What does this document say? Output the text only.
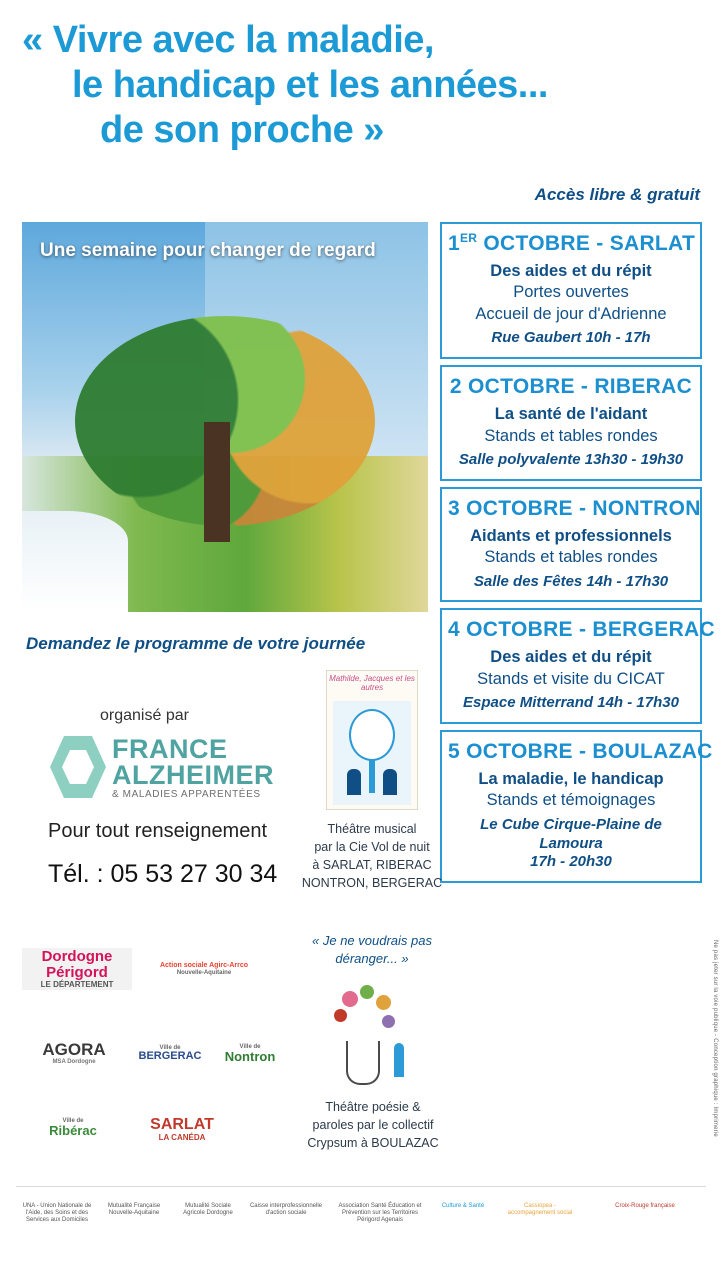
« Vivre avec la maladie,
le handicap et les années...
de son proche »
Accès libre & gratuit
Une semaine pour changer de regard
Demandez le programme de votre journée
1ER OCTOBRE - SARLAT
Des aides et du répit
Portes ouvertes
Accueil de jour d'Adrienne
Rue Gaubert 10h - 17h
2 OCTOBRE - RIBERAC
La santé de l'aidant
Stands et tables rondes
Salle polyvalente 13h30 - 19h30
3 OCTOBRE - NONTRON
Aidants et professionnels
Stands et tables rondes
Salle des Fêtes 14h - 17h30
4 OCTOBRE - BERGERAC
Des aides et du répit
Stands et visite du CICAT
Espace Mitterrand 14h - 17h30
5 OCTOBRE - BOULAZAC
La maladie, le handicap
Stands et témoignages
Le Cube Cirque-Plaine de Lamoura
17h - 20h30
Ne pas jeter sur la voie publique - Conception graphique : Imprimerie
organisé par
FRANCE
ALZHEIMER
& MALADIES APPARENTÉES
Pour tout renseignement
Tél. : 05 53 27 30 34
Mathilde, Jacques et les autres
Théâtre musical
par la Cie Vol de nuit
à SARLAT, RIBERAC
NONTRON, BERGERAC
« Je ne voudrais pas
déranger... »
Théâtre poésie &
paroles par le collectif
Crypsum à BOULAZAC
Dordogne Périgord
LE DÉPARTEMENT
Action sociale Agirc-Arrco
Nouvelle-Aquitaine
AGORA
MSA Dordogne
Ville de
BERGERAC
Ville de
Nontron
Ville de
Ribérac	SARLAT
LA CANÉDA
UNA - Union Nationale de l'Aide, des Soins et des Services aux Domiciles
Mutualité Française Nouvelle-Aquitaine
Mutualité Sociale Agricole Dordogne
Caisse interprofessionnelle d'action sociale
Association Santé Éducation et Prévention sur les Territoires Périgord Agenais
Culture & Santé	Cassiopea - accompagnement social
Croix-Rouge française
